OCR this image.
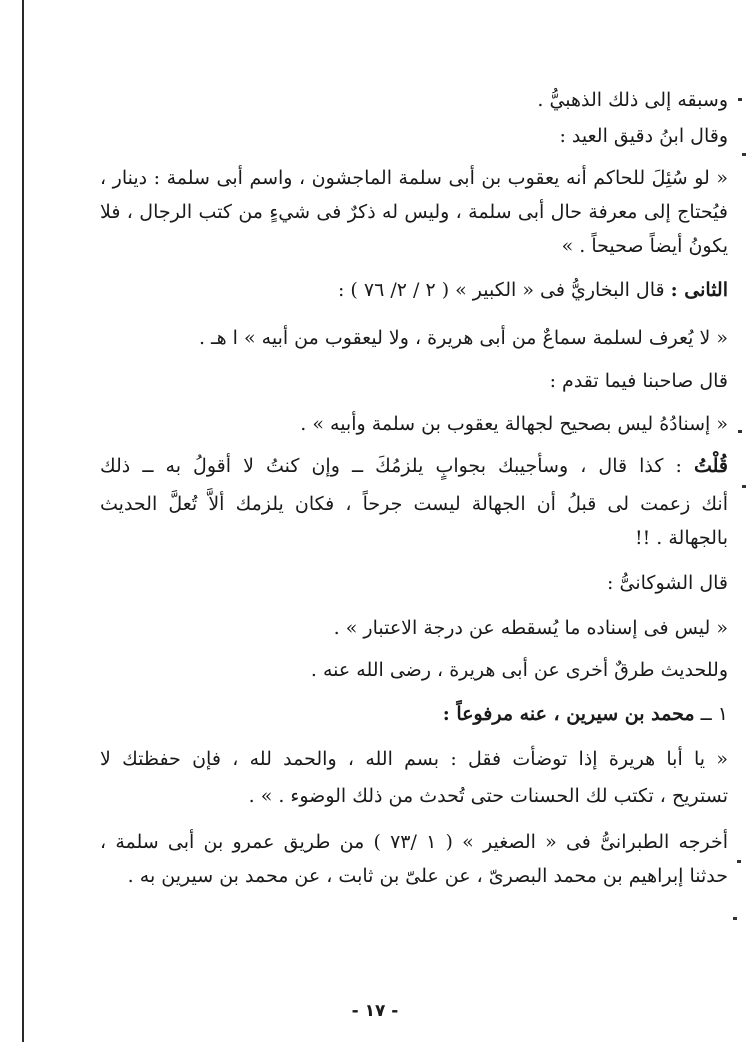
وسبقه إلى ذلك الذهبيُّ .
وقال ابنُ دقيق العيد :
« لو سُئِلَ للحاكم أنه يعقوب بن أبى سلمة الماجشون ، واسم أبى سلمة : دينار ،
فيُحتاج إلى معرفة حال أبى سلمة ، وليس له ذكرٌ فى شيءٍ من كتب الرجال ، فلا
يكونُ أيضاً صحيحاً . »
الثانى : قال البخاريُّ فى « الكبير » ( ٢ / ٢/ ٧٦ ) :
« لا يُعرف لسلمة سماعٌ من أبى هريرة ، ولا ليعقوب من أبيه » ا هـ .
قال صاحبنا فيما تقدم :
« إسنادُهُ ليس بصحيح لجهالة يعقوب بن سلمة وأبيه » .
قُلْتُ : كذا قال ، وسأجيبك بجوابٍ يلزمُكَ ــ وإن كنتُ لا أقولُ به ــ ذلك
أنك زعمت لى قبلُ أن الجهالة ليست جرحاً ، فكان يلزمك ألاَّ تُعلَّ الحديث
بالجهالة . !!
قال الشوكانىُّ :
« ليس فى إسناده ما يُسقطه عن درجة الاعتبار » .
وللحديث طرقٌ أخرى عن أبى هريرة ، رضى الله عنه .
١ ــ محمد بن سيرين ، عنه مرفوعاً :
« يا أبا هريرة إذا توضأت فقل : بسم الله ، والحمد لله ، فإن حفظتك لا
تستريح ، تكتب لك الحسنات حتى تُحدث من ذلك الوضوء . » .
أخرجه الطبرانىُّ فى « الصغير » ( ١ /٧٣ ) من طريق عمرو بن أبى سلمة ،
حدثنا إبراهيم بن محمد البصرىّ ، عن علىّ بن ثابت ، عن محمد بن سيرين به .
- ١٧ -
